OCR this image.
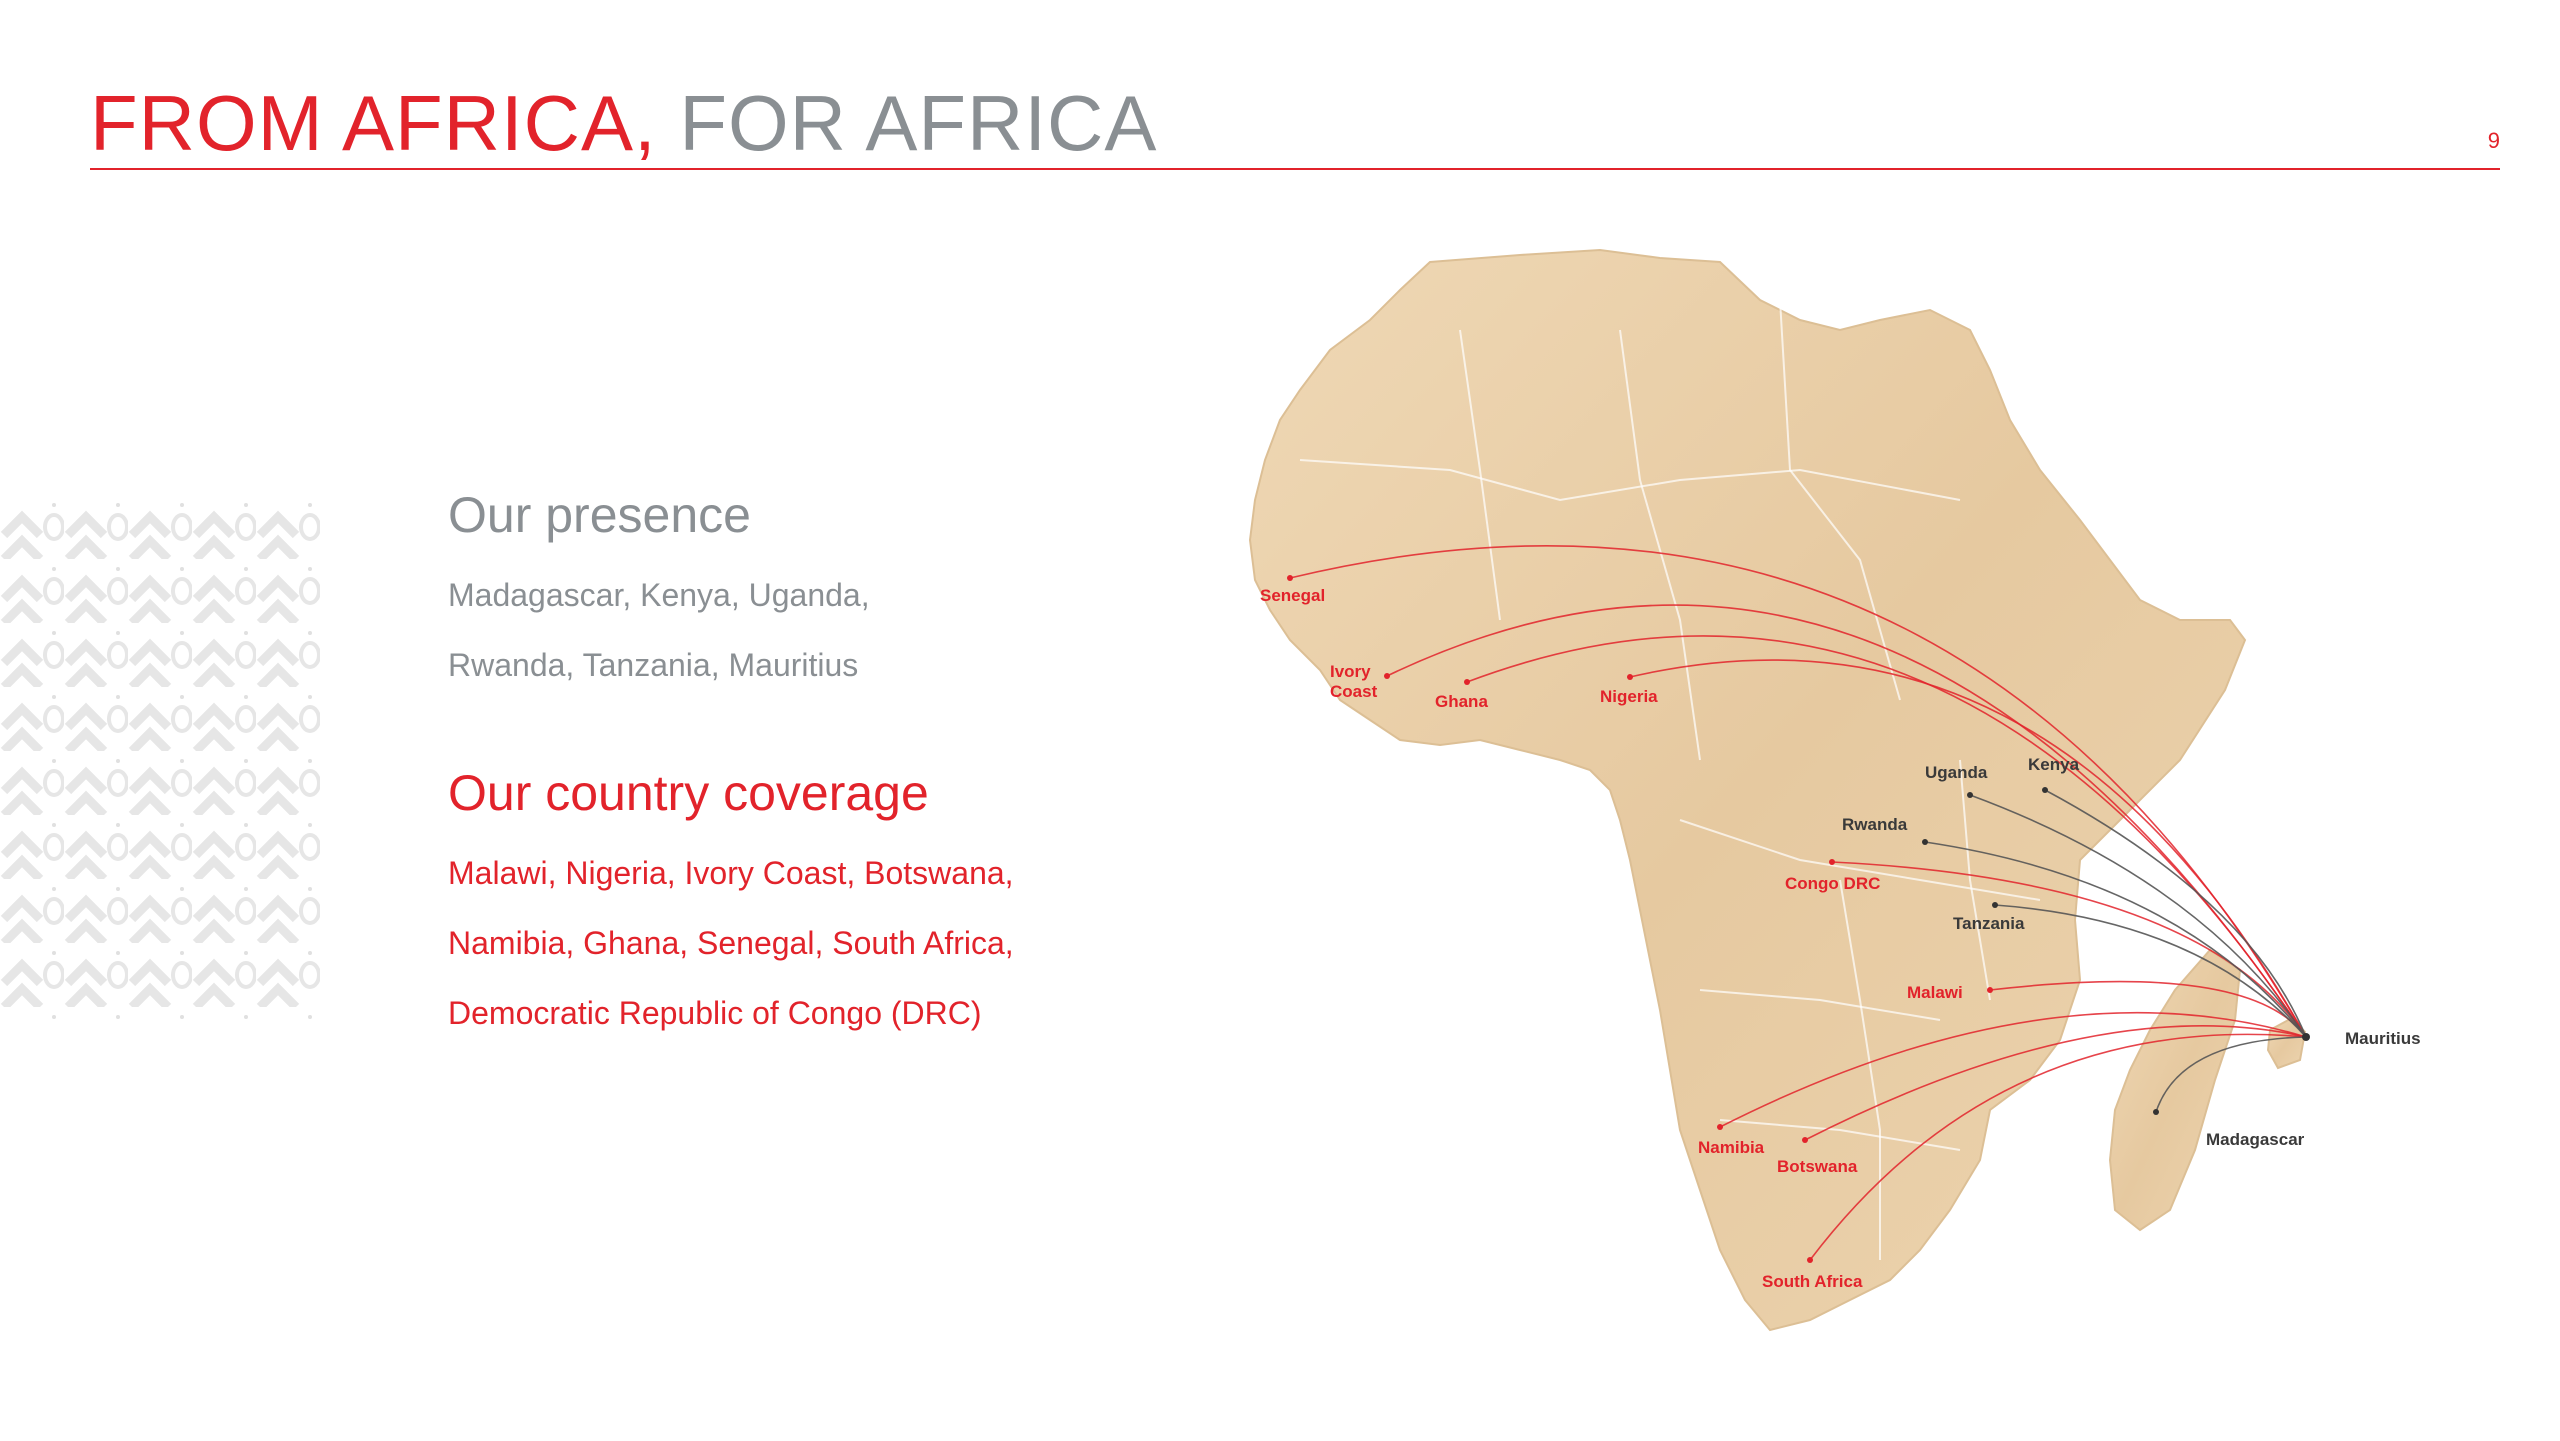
FROM AFRICA, FOR AFRICA	9
Our presence
Madagascar, Kenya, Uganda,
Rwanda, Tanzania, Mauritius
Our country coverage
Malawi, Nigeria, Ivory Coast, Botswana,
Namibia, Ghana, Senegal, South Africa,
Democratic Republic of Congo (DRC)
Senegal
Ivory
Coast
Ghana	Nigeria
Congo DRC
Malawi
Namibia
Botswana
South Africa
Uganda Kenya
Rwanda
Tanzania
Madagascar
Mauritius
